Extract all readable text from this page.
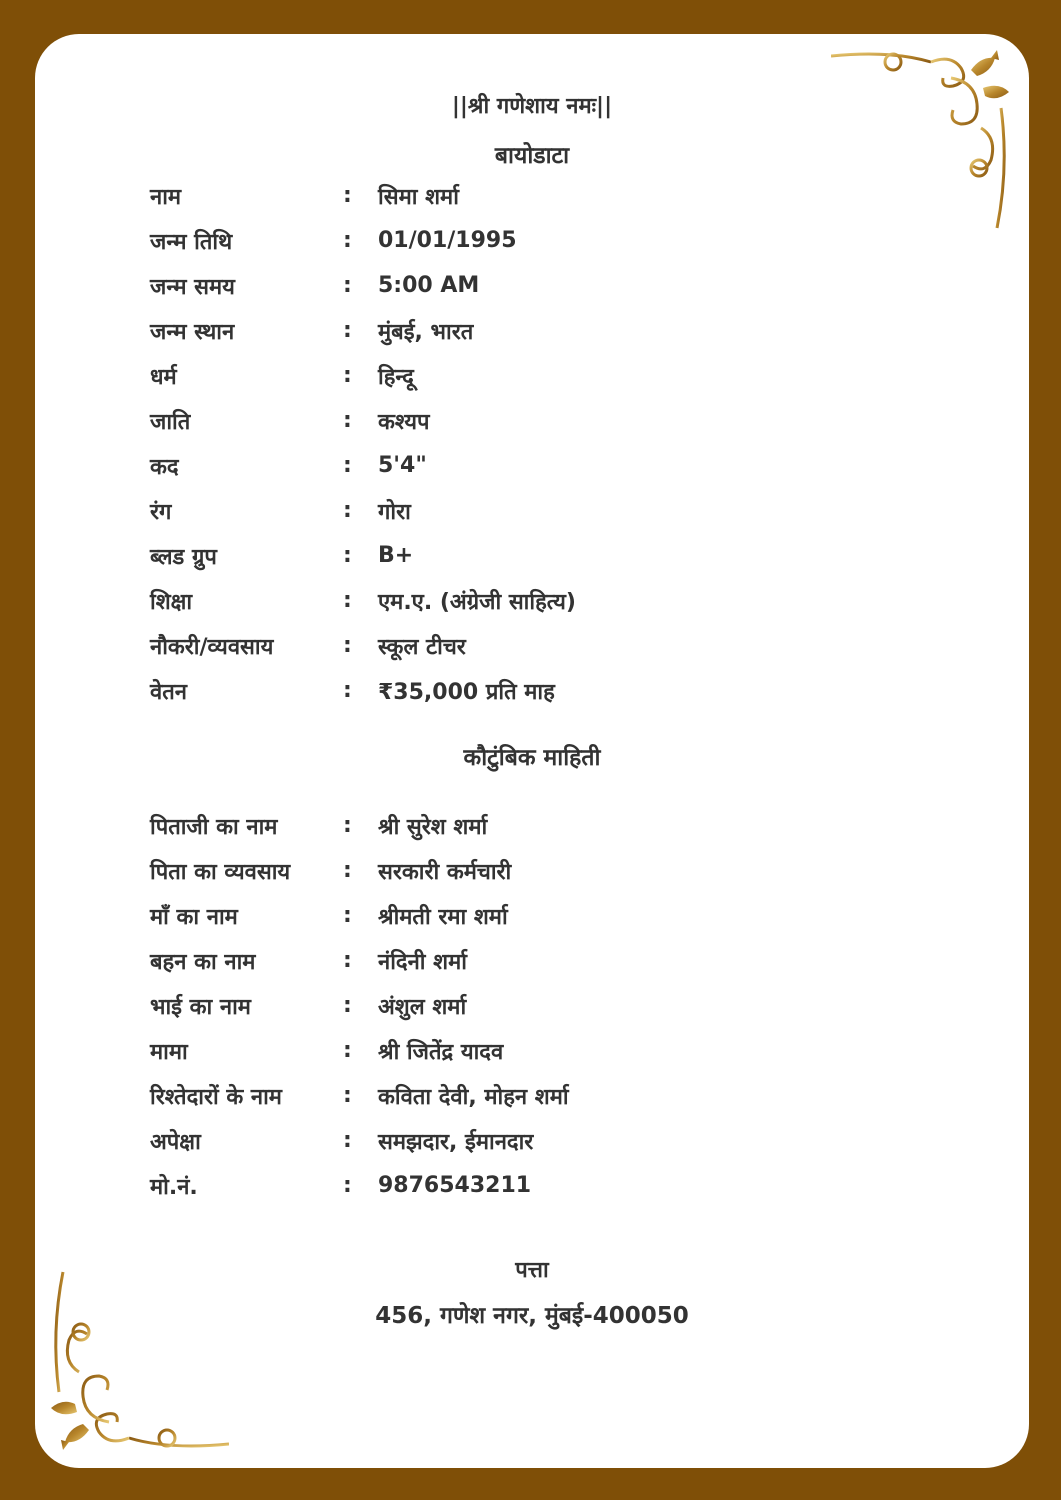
||श्री गणेशाय नमः||
बायोडाटा
नाम	:	सिमा शर्मा
जन्म तिथि	:	01/01/1995
जन्म समय	:	5:00 AM
जन्म स्थान	:	मुंबई, भारत
धर्म	:	हिन्दू
जाति	:	कश्यप
कद	:	5'4"
रंग	:	गोरा
ब्लड ग्रुप	:	B+
शिक्षा	:	एम.ए. (अंग्रेजी साहित्य)
नौकरी/व्यवसाय	:	स्कूल टीचर
वेतन	:	₹35,000 प्रति माह
कौटुंबिक माहिती
पिताजी का नाम	:	श्री सुरेश शर्मा
पिता का व्यवसाय	:	सरकारी कर्मचारी
माँ का नाम	:	श्रीमती रमा शर्मा
बहन का नाम	:	नंदिनी शर्मा
भाई का नाम	:	अंशुल शर्मा
मामा	:	श्री जितेंद्र यादव
रिश्तेदारों के नाम	:	कविता देवी, मोहन शर्मा
अपेक्षा	:	समझदार, ईमानदार
मो.नं.	:	9876543211
पत्ता
456, गणेश नगर, मुंबई-400050
